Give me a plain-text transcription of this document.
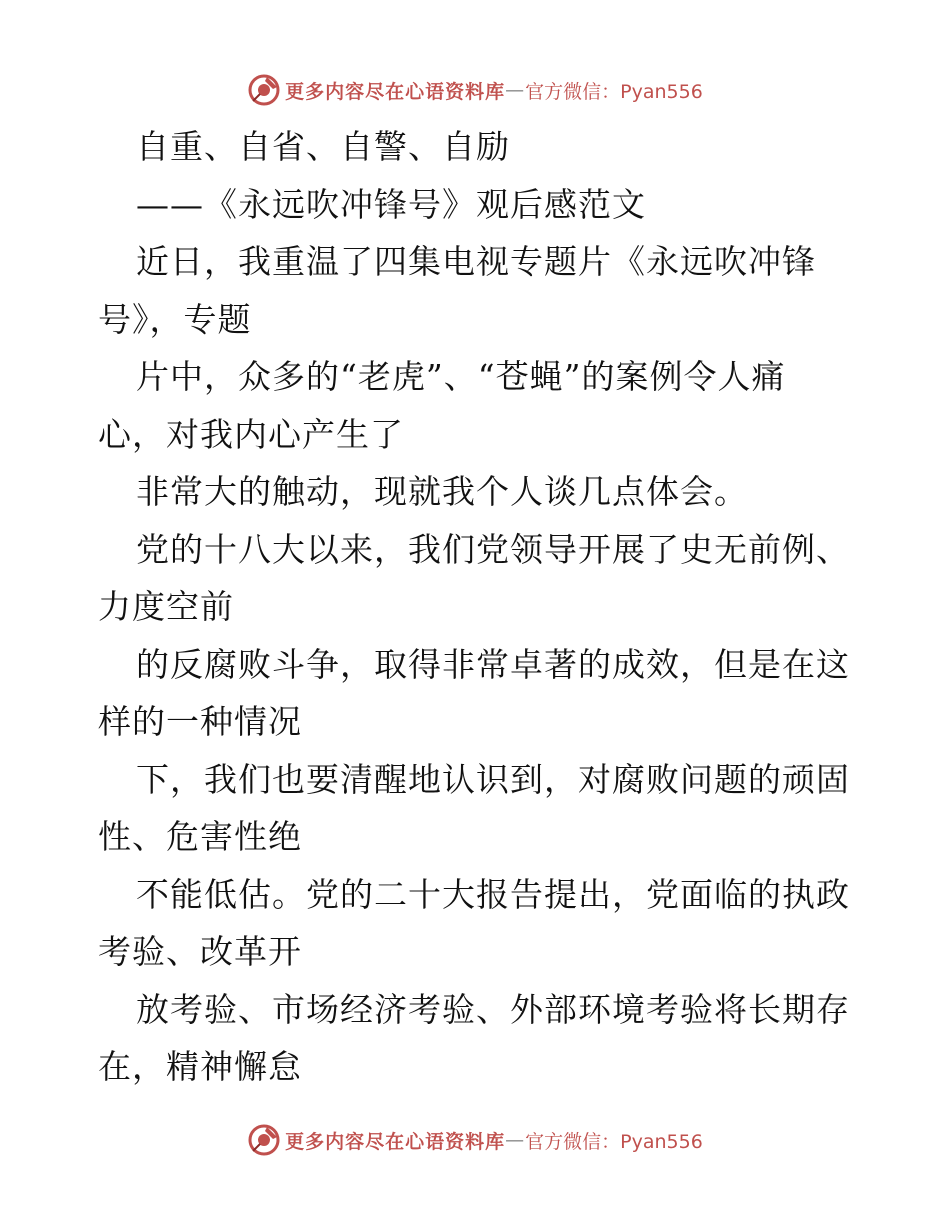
更多内容尽在心语资料库 — 官方微信：Pyan556
自重、自省、自警、自励
——《永远吹冲锋号》观后感范文
近日，我重温了四集电视专题片《永远吹冲锋
号》，专题
片中，众多的“老虎”、“苍蝇”的案例令人痛
心，对我内心产生了
非常大的触动，现就我个人谈几点体会。
党的十八大以来，我们党领导开展了史无前例、
力度空前
的反腐败斗争，取得非常卓著的成效，但是在这
样的一种情况
下，我们也要清醒地认识到，对腐败问题的顽固
性、危害性绝
不能低估。党的二十大报告提出，党面临的执政
考验、改革开
放考验、市场经济考验、外部环境考验将长期存
在，精神懈怠
更多内容尽在心语资料库 — 官方微信：Pyan556
